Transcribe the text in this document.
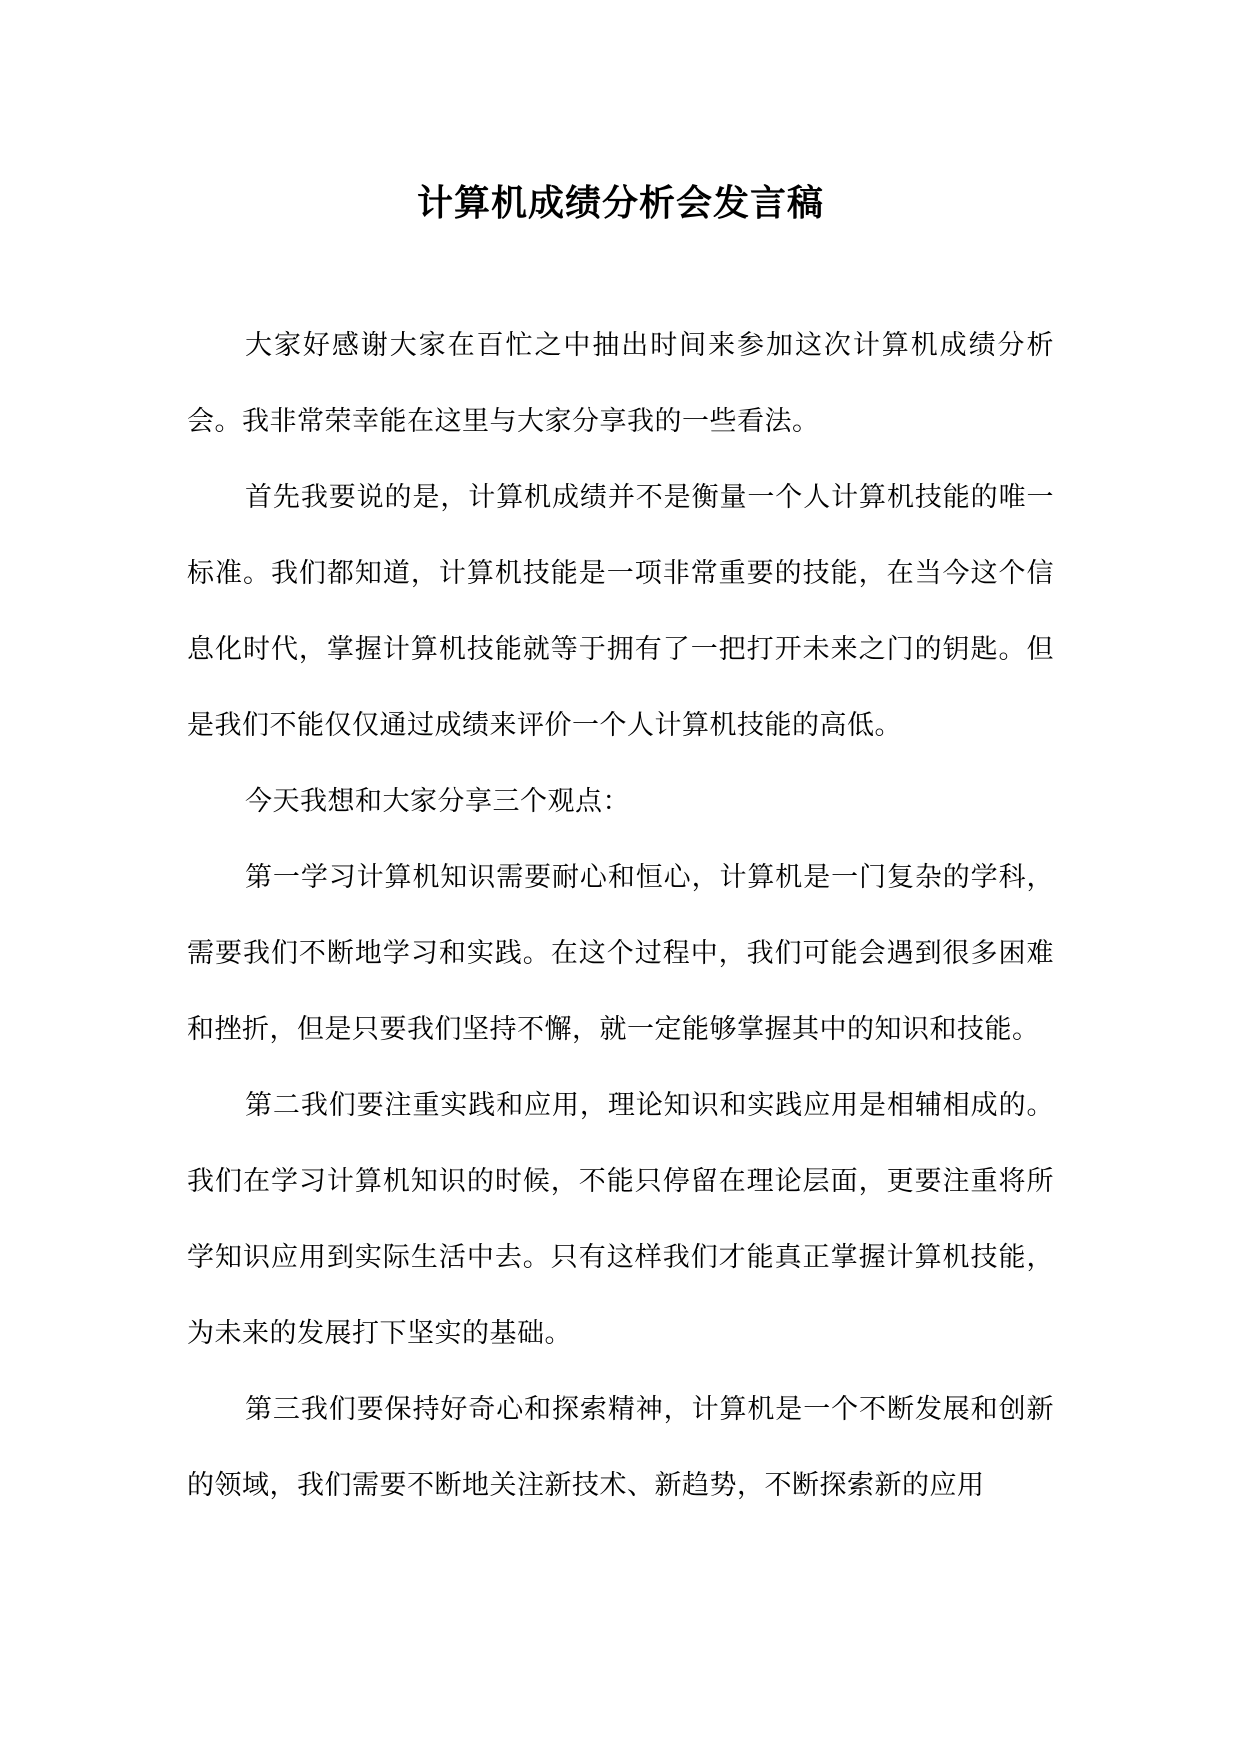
计算机成绩分析会发言稿

大家好感谢大家在百忙之中抽出时间来参加这次计算机成绩分析会。我非常荣幸能在这里与大家分享我的一些看法。

首先我要说的是，计算机成绩并不是衡量一个人计算机技能的唯一标准。我们都知道，计算机技能是一项非常重要的技能，在当今这个信息化时代，掌握计算机技能就等于拥有了一把打开未来之门的钥匙。但是我们不能仅仅通过成绩来评价一个人计算机技能的高低。

今天我想和大家分享三个观点：

第一学习计算机知识需要耐心和恒心，计算机是一门复杂的学科，需要我们不断地学习和实践。在这个过程中，我们可能会遇到很多困难和挫折，但是只要我们坚持不懈，就一定能够掌握其中的知识和技能。

第二我们要注重实践和应用，理论知识和实践应用是相辅相成的。我们在学习计算机知识的时候，不能只停留在理论层面，更要注重将所学知识应用到实际生活中去。只有这样我们才能真正掌握计算机技能，为未来的发展打下坚实的基础。

第三我们要保持好奇心和探索精神，计算机是一个不断发展和创新的领域，我们需要不断地关注新技术、新趋势，不断探索新的应用
